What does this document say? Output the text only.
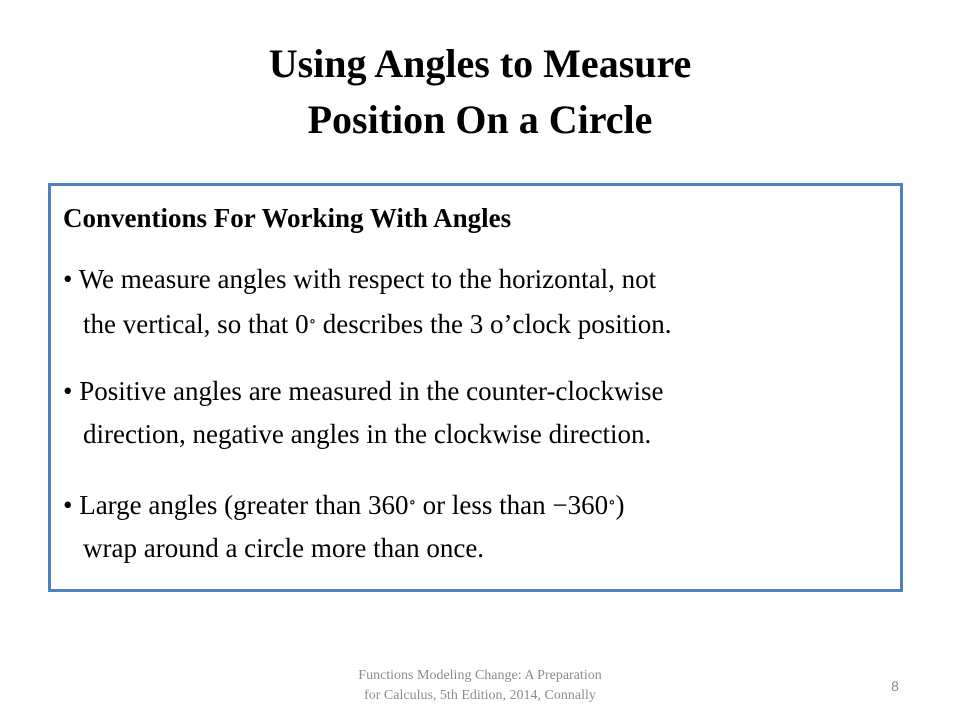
Using Angles to Measure
Position On a Circle
Conventions For Working With Angles
• We measure angles with respect to the horizontal, not
the vertical, so that 0∘ describes the 3 o’clock position.
• Positive angles are measured in the counter-clockwise
direction, negative angles in the clockwise direction.
• Large angles (greater than 360∘ or less than −360∘)
wrap around a circle more than once.
Functions Modeling Change: A Preparation
for Calculus, 5th Edition, 2014, Connally
8
